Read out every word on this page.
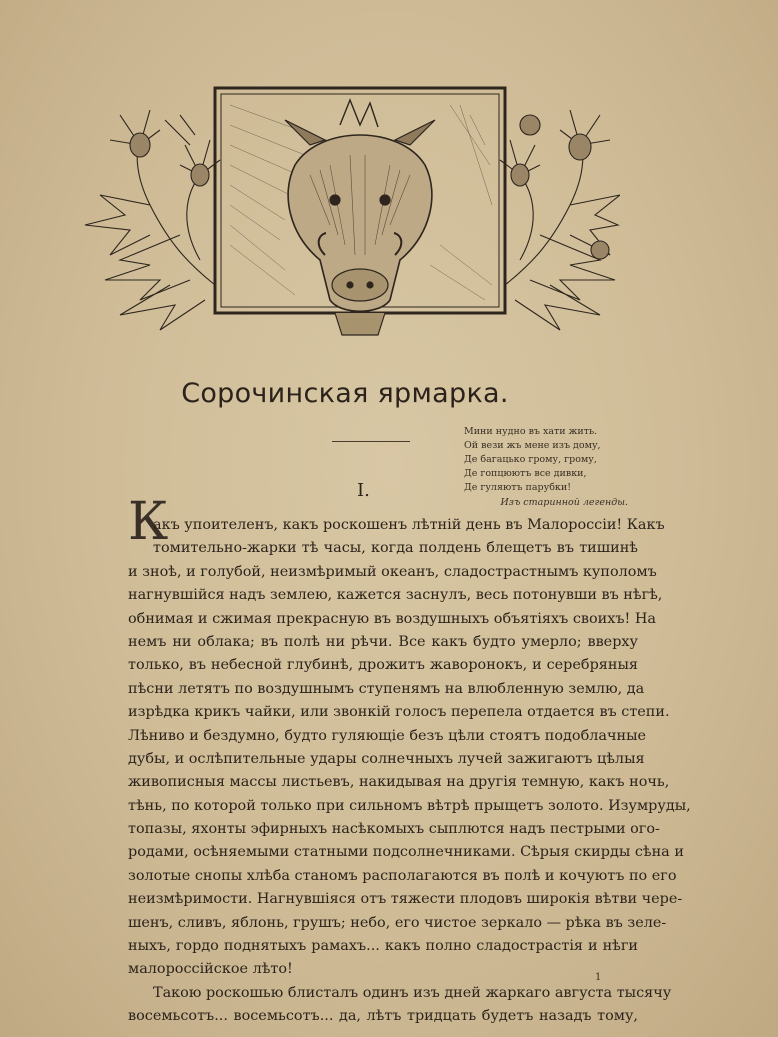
Сорочинская ярмарка.
Мини нудно въ хати жить.
Ой вези жъ мене изъ дому,
Де багацько грому, грому,
Де гопцюютъ все дивки,
Де гуляютъ парубки!
Изъ старинной легенды.
I.
К
акъ упоителенъ, какъ роскошенъ лѣтній день въ Малороссіи! Какъ
томительно-жарки тѣ часы, когда полдень блещетъ въ тишинѣ
и знoѣ, и голубой, неизмѣримый океанъ, сладострастнымъ куполомъ
нагнувшійся надъ землею, кажется заснулъ, весь потонувши въ нѣгѣ,
обнимая и сжимая прекрасную въ воздушныхъ объятіяхъ своихъ! На
немъ ни облака; въ полѣ ни рѣчи. Все какъ будто умерло; вверху
только, въ небесной глубинѣ, дрожитъ жаворонокъ, и серебряныя
пѣсни летятъ по воздушнымъ ступенямъ на влюбленную землю, да
изрѣдка крикъ чайки, или звонкій голосъ перепела отдается въ степи.
Лѣниво и бездумно, будто гуляющіе безъ цѣли стоятъ подоблачные
дубы, и ослѣпительные удары солнечныхъ лучей зажигаютъ цѣлыя
живописныя массы листьевъ, накидывая на другія темную, какъ ночь,
тѣнь, по которой только при сильномъ вѣтрѣ прыщетъ золото. Изумруды,
топазы, яхонты эфирныхъ насѣкомыхъ сыплются надъ пестрыми ого-
родами, осѣняемыми статными подсолнечниками. Сѣрыя скирды сѣна и
золотые снопы хлѣба станомъ располагаются въ полѣ и кочуютъ по его
неизмѣримости. Нагнувшіяся отъ тяжести плодовъ широкія вѣтви чере-
шенъ, сливъ, яблонь, грушъ; небо, его чистое зеркало — рѣка въ зеле-
ныхъ, гордо поднятыхъ рамахъ... какъ полно сладострастія и нѣги
малороссійское лѣто!
Такою роскошью блисталъ одинъ изъ дней жаркаго августа тысячу
восемьсотъ... восемьсотъ... да, лѣтъ тридцать будетъ назадъ тому,
1
